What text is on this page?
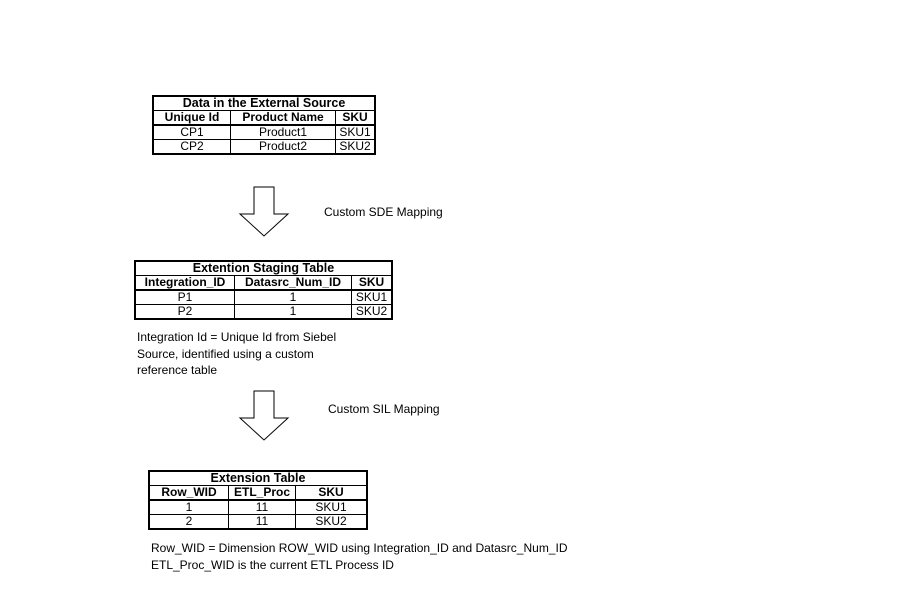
Data in the External Source		
Unique Id	Product Name	SKU
CP1	Product1	SKU1
CP2	Product2	SKU2
Custom SDE Mapping
Extention Staging Table		
Integration_ID	Datasrc_Num_ID	SKU
P1	1	SKU1
P2	1	SKU2
Integration Id = Unique Id from Siebel
Source, identified using a custom
reference table
Custom SIL Mapping
Extension Table		
Row_WID	ETL_Proc	SKU
1	11	SKU1
2	11	SKU2
Row_WID = Dimension ROW_WID using Integration_ID and Datasrc_Num_ID
ETL_Proc_WID is the current ETL Process ID
